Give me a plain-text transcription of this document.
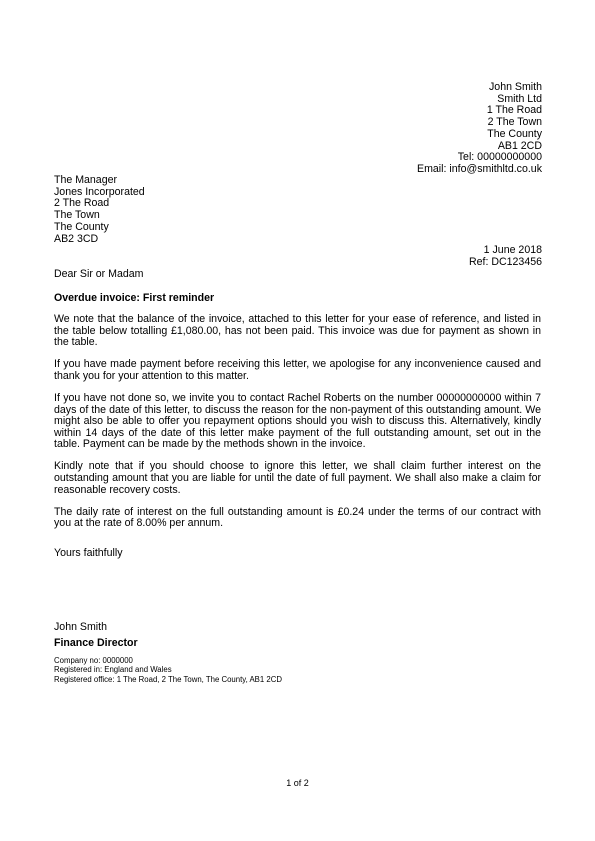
John Smith
Smith Ltd
1 The Road
2 The Town
The County
AB1 2CD
Tel: 00000000000
Email: info@smithltd.co.uk
The Manager
Jones Incorporated
2 The Road
The Town
The County
AB2 3CD
1 June 2018
Ref: DC123456
Dear Sir or Madam
Overdue invoice: First reminder

We note that the balance of the invoice, attached to this letter for your ease of reference, and listed in the table below totalling £1,080.00, has not been paid. This invoice was due for payment as shown in the table.

If you have made payment before receiving this letter, we apologise for any inconvenience caused and thank you for your attention to this matter.

If you have not done so, we invite you to contact Rachel Roberts on the number 00000000000 within 7 days of the date of this letter, to discuss the reason for the non-payment of this outstanding amount. We might also be able to offer you repayment options should you wish to discuss this. Alternatively, kindly within 14 days of the date of this letter make payment of the full outstanding amount, set out in the table. Payment can be made by the methods shown in the invoice.

Kindly note that if you should choose to ignore this letter, we shall claim further interest on the outstanding amount that you are liable for until the date of full payment. We shall also make a claim for reasonable recovery costs.

The daily rate of interest on the full outstanding amount is £0.24 under the terms of our contract with you at the rate of 8.00% per annum.

Yours faithfully
John Smith
Finance Director
Company no: 0000000
Registered in: England and Wales
Registered office: 1 The Road, 2 The Town, The County, AB1 2CD
1 of 2
